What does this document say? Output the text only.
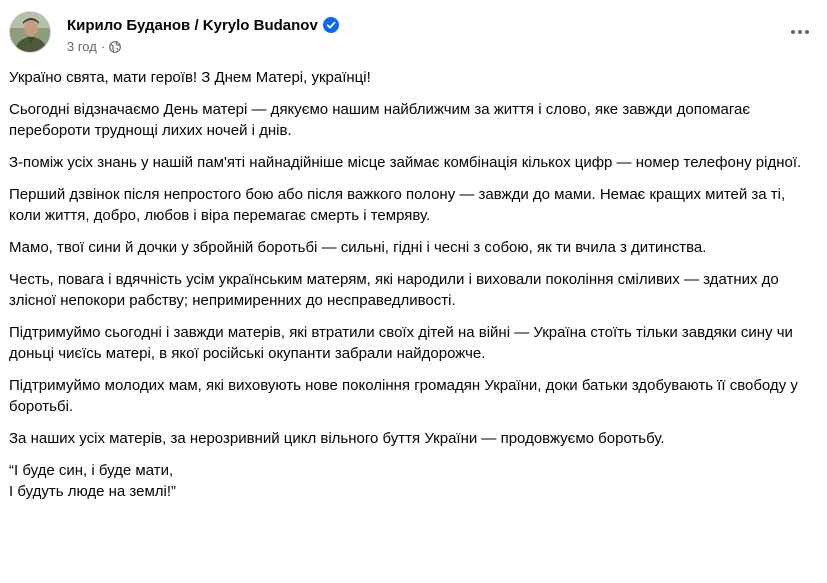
Кирило Буданов / Kyrylo Budanov
3 год ·

Україно свята, мати героїв! З Днем Матері, українці!

Сьогодні відзначаємо День матері — дякуємо нашим найближчим за життя і слово, яке завжди допомагає перебороти труднощі лихих ночей і днів.

З-поміж усіх знань у нашій пам'яті найнадійніше місце займає комбінація кількох цифр — номер телефону рідної.

Перший дзвінок після непростого бою або після важкого полону — завжди до мами. Немає кращих митей за ті, коли життя, добро, любов і віра перемагає смерть і темряву.

Мамо, твої сини й дочки у збройній боротьбі — сильні, гідні і чесні з собою, як ти вчила з дитинства.

Честь, повага і вдячність усім українським матерям, які народили і виховали покоління сміливих — здатних до злісної непокори рабству; непримиренних до несправедливості.

Підтримуймо сьогодні і завжди матерів, які втратили своїх дітей на війні — Україна стоїть тільки завдяки сину чи доньці чиєїсь матері, в якої російські окупанти забрали найдорожче.

Підтримуймо молодих мам, які виховують нове покоління громадян України, доки батьки здобувають її свободу у боротьбі.

За наших усіх матерів, за нерозривний цикл вільного буття України — продовжуємо боротьбу.

“І буде син, і буде мати,
І будуть люде на землі!”
